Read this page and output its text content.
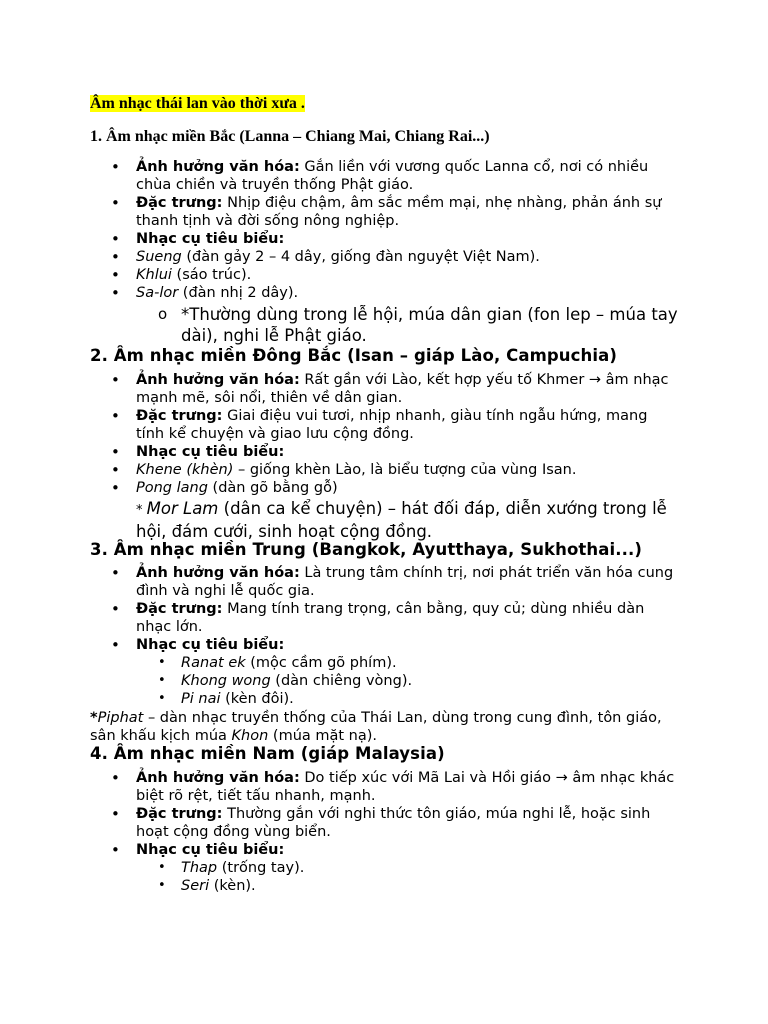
Âm nhạc thái lan vào thời xưa .

1. Âm nhạc miền Bắc (Lanna – Chiang Mai, Chiang Rai...)

• Ảnh hưởng văn hóa: Gắn liền với vương quốc Lanna cổ, nơi có nhiều chùa chiền và truyền thống Phật giáo.
• Đặc trưng: Nhịp điệu chậm, âm sắc mềm mại, nhẹ nhàng, phản ánh sự thanh tịnh và đời sống nông nghiệp.
• Nhạc cụ tiêu biểu:
• Sueng (đàn gảy 2 – 4 dây, giống đàn nguyệt Việt Nam).
• Khlui (sáo trúc).
• Sa-lor (đàn nhị 2 dây).
o *Thường dùng trong lễ hội, múa dân gian (fon lep – múa tay dài), nghi lễ Phật giáo.
2. Âm nhạc miền Đông Bắc (Isan – giáp Lào, Campuchia)
• Ảnh hưởng văn hóa: Rất gần với Lào, kết hợp yếu tố Khmer → âm nhạc mạnh mẽ, sôi nổi, thiên về dân gian.
• Đặc trưng: Giai điệu vui tươi, nhịp nhanh, giàu tính ngẫu hứng, mang tính kể chuyện và giao lưu cộng đồng.
• Nhạc cụ tiêu biểu:
• Khene (khèn) – giống khèn Lào, là biểu tượng của vùng Isan.
• Pong lang (dàn gõ bằng gỗ)

* Mor Lam (dân ca kể chuyện) – hát đối đáp, diễn xướng trong lễ hội, đám cưới, sinh hoạt cộng đồng.

3. Âm nhạc miền Trung (Bangkok, Ayutthaya, Sukhothai...)
• Ảnh hưởng văn hóa: Là trung tâm chính trị, nơi phát triển văn hóa cung đình và nghi lễ quốc gia.
• Đặc trưng: Mang tính trang trọng, cân bằng, quy củ; dùng nhiều dàn nhạc lớn.
• Nhạc cụ tiêu biểu:
• Ranat ek (mộc cầm gõ phím).
• Khong wong (dàn chiêng vòng).
• Pi nai (kèn đôi).

*Piphat – dàn nhạc truyền thống của Thái Lan, dùng trong cung đình, tôn giáo, sân khấu kịch múa Khon (múa mặt nạ).

4. Âm nhạc miền Nam (giáp Malaysia)
• Ảnh hưởng văn hóa: Do tiếp xúc với Mã Lai và Hồi giáo → âm nhạc khác biệt rõ rệt, tiết tấu nhanh, mạnh.
• Đặc trưng: Thường gắn với nghi thức tôn giáo, múa nghi lễ, hoặc sinh hoạt cộng đồng vùng biển.
• Nhạc cụ tiêu biểu:
• Thap (trống tay).
• Seri (kèn).
